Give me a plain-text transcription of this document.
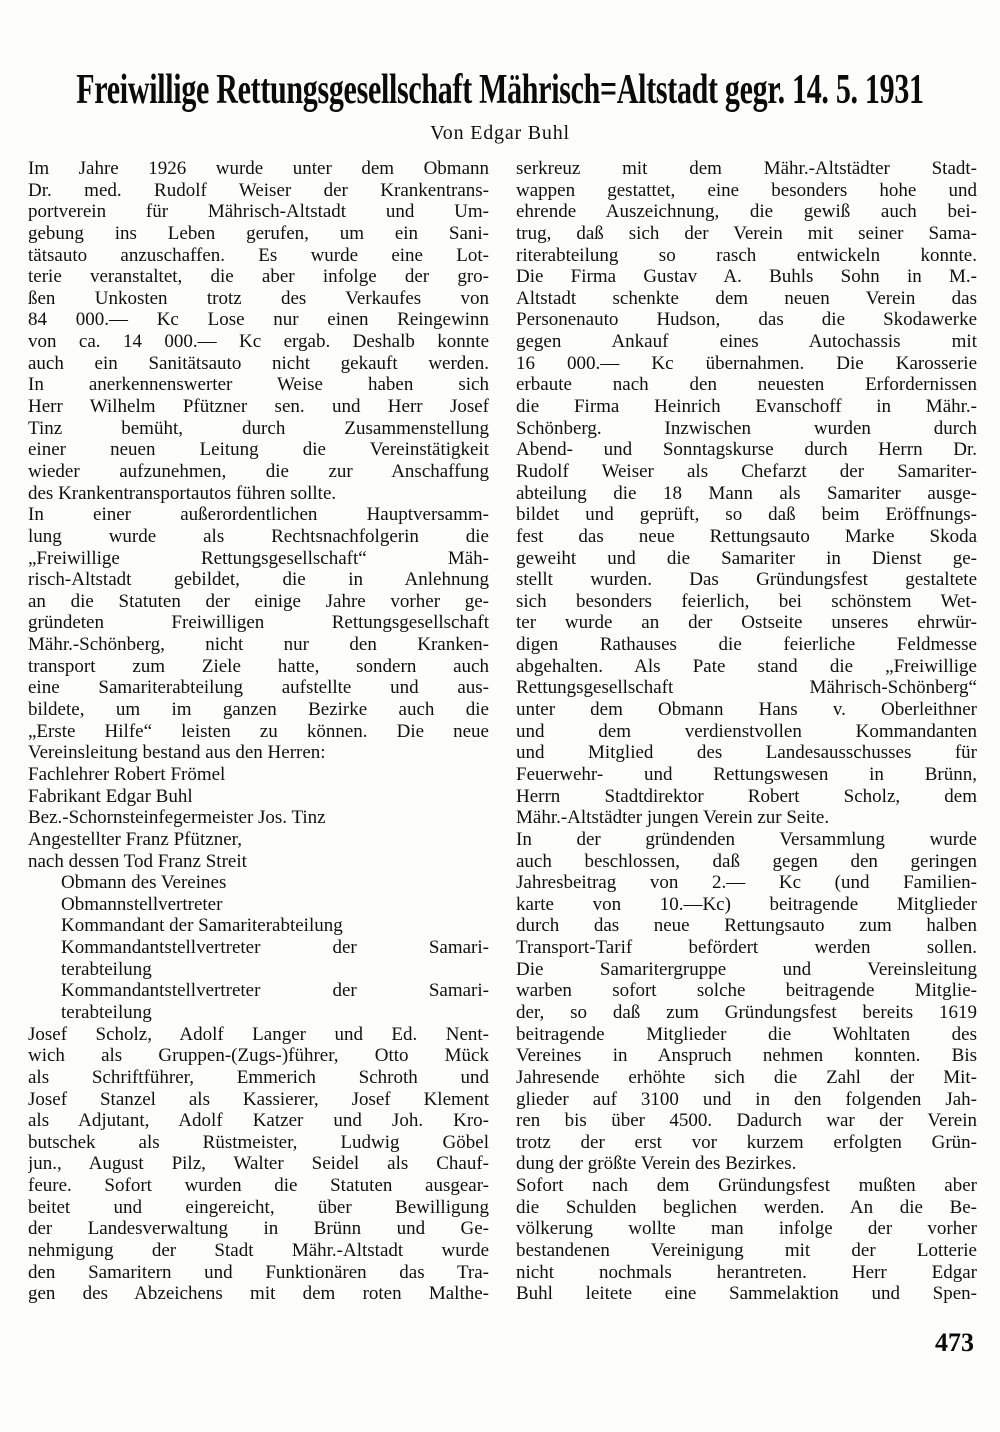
Freiwillige Rettungsgesellschaft Mährisch=Altstadt gegr. 14. 5. 1931
Von Edgar Buhl
Im Jahre 1926 wurde unter dem Obmann
Dr. med. Rudolf Weiser der Krankentrans-
portverein für Mährisch-Altstadt und Um-
gebung ins Leben gerufen, um ein Sani-
tätsauto anzuschaffen. Es wurde eine Lot-
terie veranstaltet, die aber infolge der gro-
ßen Unkosten trotz des Verkaufes von
84 000.— Kc Lose nur einen Reingewinn
von ca. 14 000.— Kc ergab. Deshalb konnte
auch ein Sanitätsauto nicht gekauft werden.
In anerkennenswerter Weise haben sich
Herr Wilhelm Pfützner sen. und Herr Josef
Tinz bemüht, durch Zusammenstellung
einer neuen Leitung die Vereinstätigkeit
wieder aufzunehmen, die zur Anschaffung
des Krankentransportautos führen sollte.
In einer außerordentlichen Hauptversamm-
lung wurde als Rechtsnachfolgerin die
„Freiwillige Rettungsgesellschaft“ Mäh-
risch-Altstadt gebildet, die in Anlehnung
an die Statuten der einige Jahre vorher ge-
gründeten Freiwilligen Rettungsgesellschaft
Mähr.-Schönberg, nicht nur den Kranken-
transport zum Ziele hatte, sondern auch
eine Samariterabteilung aufstellte und aus-
bildete, um im ganzen Bezirke auch die
„Erste Hilfe“ leisten zu können. Die neue
Vereinsleitung bestand aus den Herren:
Fachlehrer Robert Frömel
Fabrikant Edgar Buhl
Bez.-Schornsteinfegermeister Jos. Tinz
Angestellter Franz Pfützner,
nach dessen Tod Franz Streit
Obmann des Vereines
Obmannstellvertreter
Kommandant der Samariterabteilung
Kommandantstellvertreter der Samari-
terabteilung
Kommandantstellvertreter der Samari-
terabteilung
Josef Scholz, Adolf Langer und Ed. Nent-
wich als Gruppen-(Zugs-)führer, Otto Mück
als Schriftführer, Emmerich Schroth und
Josef Stanzel als Kassierer, Josef Klement
als Adjutant, Adolf Katzer und Joh. Kro-
butschek als Rüstmeister, Ludwig Göbel
jun., August Pilz, Walter Seidel als Chauf-
feure. Sofort wurden die Statuten ausgear-
beitet und eingereicht, über Bewilligung
der Landesverwaltung in Brünn und Ge-
nehmigung der Stadt Mähr.-Altstadt wurde
den Samaritern und Funktionären das Tra-
gen des Abzeichens mit dem roten Malthe-
serkreuz mit dem Mähr.-Altstädter Stadt-
wappen gestattet, eine besonders hohe und
ehrende Auszeichnung, die gewiß auch bei-
trug, daß sich der Verein mit seiner Sama-
riterabteilung so rasch entwickeln konnte.
Die Firma Gustav A. Buhls Sohn in M.-
Altstadt schenkte dem neuen Verein das
Personenauto Hudson, das die Skodawerke
gegen Ankauf eines Autochassis mit
16 000.— Kc übernahmen. Die Karosserie
erbaute nach den neuesten Erfordernissen
die Firma Heinrich Evanschoff in Mähr.-
Schönberg. Inzwischen wurden durch
Abend- und Sonntagskurse durch Herrn Dr.
Rudolf Weiser als Chefarzt der Samariter-
abteilung die 18 Mann als Samariter ausge-
bildet und geprüft, so daß beim Eröffnungs-
fest das neue Rettungsauto Marke Skoda
geweiht und die Samariter in Dienst ge-
stellt wurden. Das Gründungsfest gestaltete
sich besonders feierlich, bei schönstem Wet-
ter wurde an der Ostseite unseres ehrwür-
digen Rathauses die feierliche Feldmesse
abgehalten. Als Pate stand die „Freiwillige
Rettungsgesellschaft Mährisch-Schönberg“
unter dem Obmann Hans v. Oberleithner
und dem verdienstvollen Kommandanten
und Mitglied des Landesausschusses für
Feuerwehr- und Rettungswesen in Brünn,
Herrn Stadtdirektor Robert Scholz, dem
Mähr.-Altstädter jungen Verein zur Seite.
In der gründenden Versammlung wurde
auch beschlossen, daß gegen den geringen
Jahresbeitrag von 2.— Kc (und Familien-
karte von 10.—Kc) beitragende Mitglieder
durch das neue Rettungsauto zum halben
Transport-Tarif befördert werden sollen.
Die Samaritergruppe und Vereinsleitung
warben sofort solche beitragende Mitglie-
der, so daß zum Gründungsfest bereits 1619
beitragende Mitglieder die Wohltaten des
Vereines in Anspruch nehmen konnten. Bis
Jahresende erhöhte sich die Zahl der Mit-
glieder auf 3100 und in den folgenden Jah-
ren bis über 4500. Dadurch war der Verein
trotz der erst vor kurzem erfolgten Grün-
dung der größte Verein des Bezirkes.
Sofort nach dem Gründungsfest mußten aber
die Schulden beglichen werden. An die Be-
völkerung wollte man infolge der vorher
bestandenen Vereinigung mit der Lotterie
nicht nochmals herantreten. Herr Edgar
Buhl leitete eine Sammelaktion und Spen-
473
